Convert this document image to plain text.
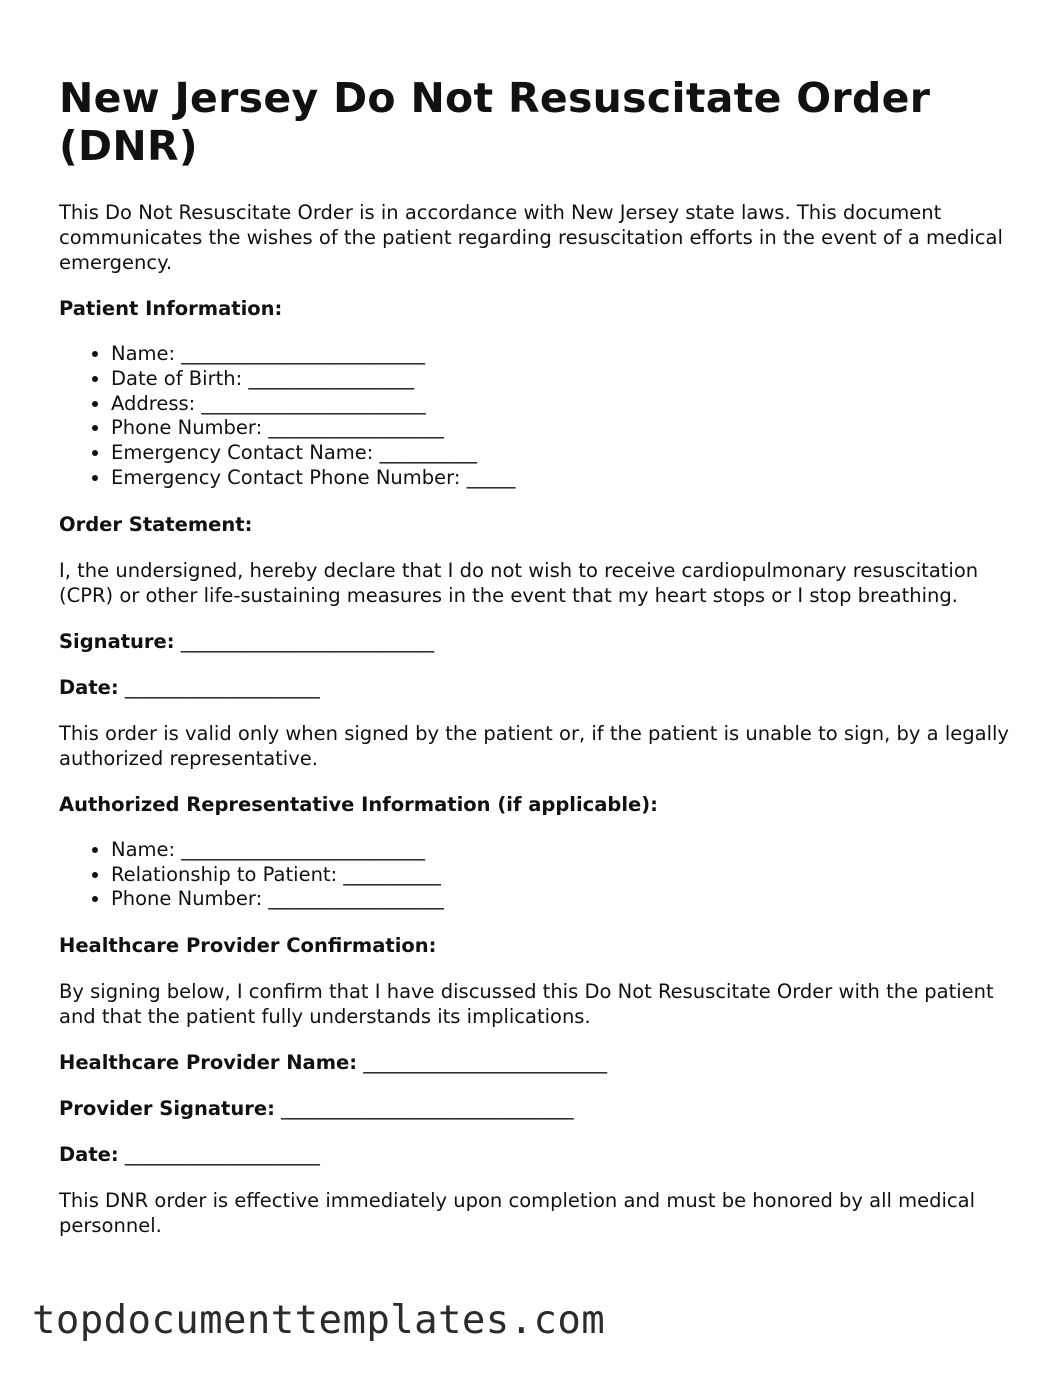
New Jersey Do Not Resuscitate Order (DNR)

This Do Not Resuscitate Order is in accordance with New Jersey state laws. This document communicates the wishes of the patient regarding resuscitation efforts in the event of a medical emergency.

Patient Information:

• Name: _________________________
• Date of Birth: _________________
• Address: _______________________
• Phone Number: __________________
• Emergency Contact Name: __________
• Emergency Contact Phone Number: _____

Order Statement:

I, the undersigned, hereby declare that I do not wish to receive cardiopulmonary resuscitation (CPR) or other life-sustaining measures in the event that my heart stops or I stop breathing.

Signature: __________________________

Date: ____________________

This order is valid only when signed by the patient or, if the patient is unable to sign, by a legally authorized representative.

Authorized Representative Information (if applicable):

• Name: _________________________
• Relationship to Patient: __________
• Phone Number: __________________

Healthcare Provider Confirmation:

By signing below, I confirm that I have discussed this Do Not Resuscitate Order with the patient and that the patient fully understands its implications.

Healthcare Provider Name: _________________________

Provider Signature: ______________________________

Date: ____________________

This DNR order is effective immediately upon completion and must be honored by all medical personnel.

topdocumenttemplates.com
